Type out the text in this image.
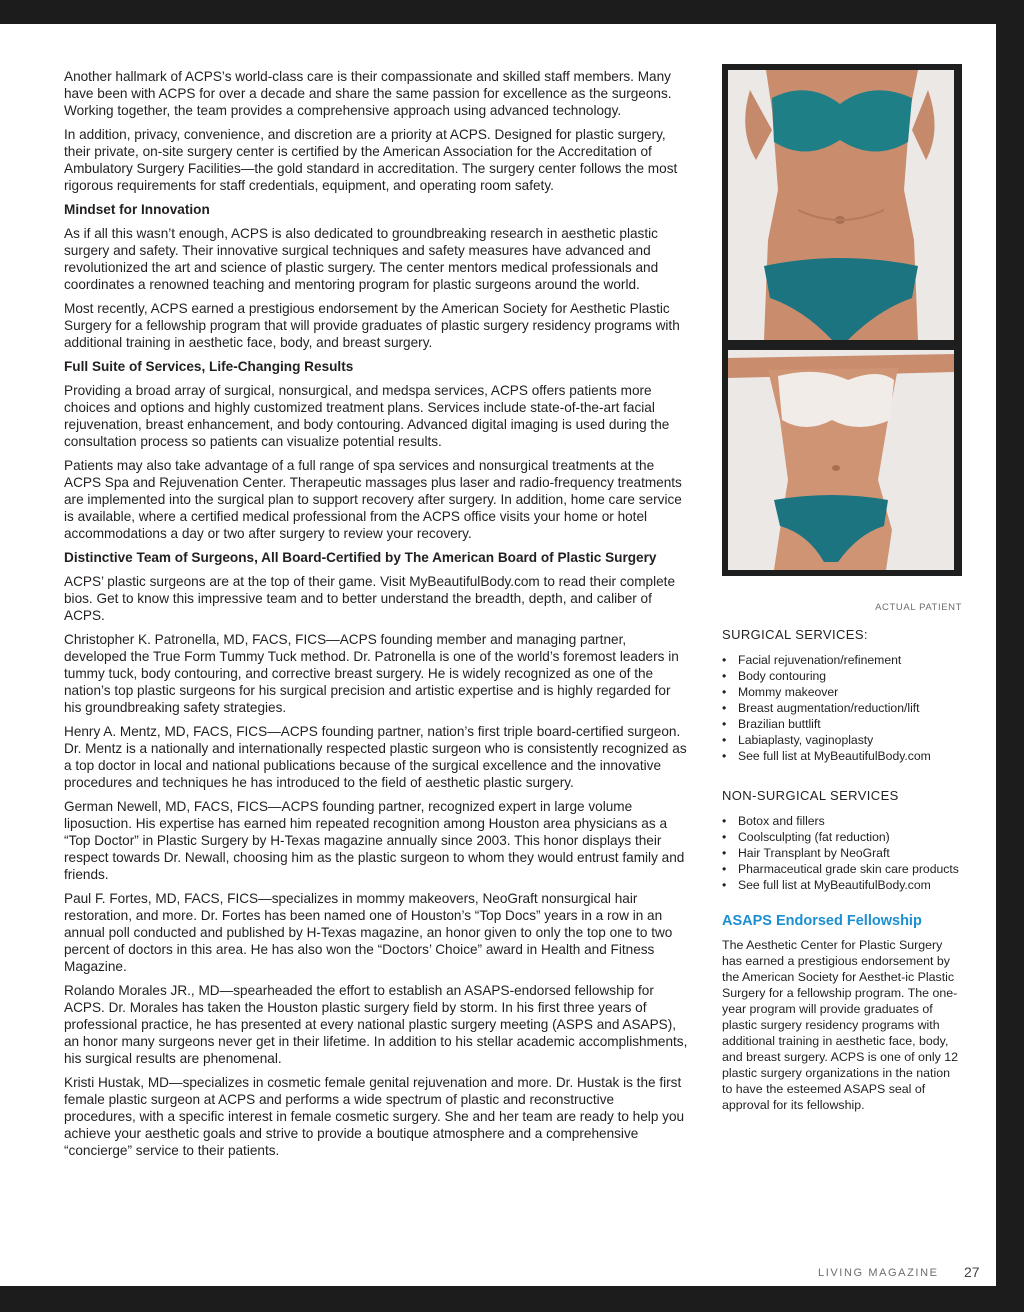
Another hallmark of ACPS’s world-class care is their compassionate and skilled staff members. Many have been with ACPS for over a decade and share the same passion for excellence as the surgeons. Working together, the team provides a comprehensive approach using advanced technology.

In addition, privacy, convenience, and discretion are a priority at ACPS. Designed for plastic surgery, their private, on-site surgery center is certified by the American Association for the Accreditation of Ambulatory Surgery Facilities—the gold standard in accreditation. The surgery center follows the most rigorous requirements for staff credentials, equipment, and operating room safety.

Mindset for Innovation

As if all this wasn’t enough, ACPS is also dedicated to groundbreaking research in aesthetic plastic surgery and safety. Their innovative surgical techniques and safety measures have advanced and revolutionized the art and science of plastic surgery. The center mentors medical professionals and coordinates a renowned teaching and mentoring program for plastic surgeons around the world.

Most recently, ACPS earned a prestigious endorsement by the American Society for Aesthetic Plastic Surgery for a fellowship program that will provide graduates of plastic surgery residency programs with additional training in aesthetic face, body, and breast surgery.

Full Suite of Services, Life-Changing Results

Providing a broad array of surgical, nonsurgical, and medspa services, ACPS offers patients more choices and options and highly customized treatment plans. Services include state-of-the-art facial rejuvenation, breast enhancement, and body contouring. Advanced digital imaging is used during the consultation process so patients can visualize potential results.

Patients may also take advantage of a full range of spa services and nonsurgical treatments at the ACPS Spa and Rejuvenation Center. Therapeutic massages plus laser and radio-frequency treatments are implemented into the surgical plan to support recovery after surgery. In addition, home care service is available, where a certified medical professional from the ACPS office visits your home or hotel accommodations a day or two after surgery to review your recovery.

Distinctive Team of Surgeons, All Board-Certified by The American Board of Plastic Surgery

ACPS’ plastic surgeons are at the top of their game. Visit MyBeautifulBody.com to read their complete bios. Get to know this impressive team and to better understand the breadth, depth, and caliber of ACPS.

Christopher K. Patronella, MD, FACS, FICS—ACPS founding member and managing partner, developed the True Form Tummy Tuck method. Dr. Patronella is one of the world’s foremost leaders in tummy tuck, body contouring, and corrective breast surgery. He is widely recognized as one of the nation’s top plastic surgeons for his surgical precision and artistic expertise and is highly regarded for his groundbreaking safety strategies.

Henry A. Mentz, MD, FACS, FICS—ACPS founding partner, nation’s first triple board-certified surgeon. Dr. Mentz is a nationally and internationally respected plastic surgeon who is consistently recognized as a top doctor in local and national publications because of the surgical excellence and the innovative procedures and techniques he has introduced to the field of aesthetic plastic surgery.

German Newell, MD, FACS, FICS—ACPS founding partner, recognized expert in large volume liposuction. His expertise has earned him repeated recognition among Houston area physicians as a “Top Doctor” in Plastic Surgery by H-Texas magazine annually since 2003. This honor displays their respect towards Dr. Newall, choosing him as the plastic surgeon to whom they would entrust family and friends.

Paul F. Fortes, MD, FACS, FICS—specializes in mommy makeovers, NeoGraft nonsurgical hair restoration, and more. Dr. Fortes has been named one of Houston’s “Top Docs” years in a row in an annual poll conducted and published by H-Texas magazine, an honor given to only the top one to two percent of doctors in this area. He has also won the “Doctors’ Choice” award in Health and Fitness Magazine.

Rolando Morales JR., MD—spearheaded the effort to establish an ASAPS-endorsed fellowship for ACPS. Dr. Morales has taken the Houston plastic surgery field by storm. In his first three years of professional practice, he has presented at every national plastic surgery meeting (ASPS and ASAPS), an honor many surgeons never get in their lifetime. In addition to his stellar academic accomplishments, his surgical results are phenomenal.

Kristi Hustak, MD—specializes in cosmetic female genital rejuvenation and more. Dr. Hustak is the first female plastic surgeon at ACPS and performs a wide spectrum of plastic and reconstructive procedures, with a specific interest in female cosmetic surgery. She and her team are ready to help you achieve your aesthetic goals and strive to provide a boutique atmosphere and a comprehensive “concierge” service to their patients.

ACTUAL PATIENT
SURGICAL SERVICES:
• Facial rejuvenation/refinement
• Body contouring
• Mommy makeover
• Breast augmentation/reduction/lift
• Brazilian buttlift
• Labiaplasty, vaginoplasty
• See full list at MyBeautifulBody.com
NON-SURGICAL SERVICES
• Botox and fillers
• Coolsculpting (fat reduction)
• Hair Transplant by NeoGraft
• Pharmaceutical grade skin care products
• See full list at MyBeautifulBody.com
ASAPS Endorsed Fellowship
The Aesthetic Center for Plastic Surgery has earned a prestigious endorsement by the American Society for Aesthet-ic Plastic Surgery for a fellowship program. The one-year program will provide graduates of plastic surgery residency programs with additional training in aesthetic face, body, and breast surgery. ACPS is one of only 12 plastic surgery organizations in the nation to have the esteemed ASAPS seal of approval for its fellowship.
LIVING MAGAZINE 27
